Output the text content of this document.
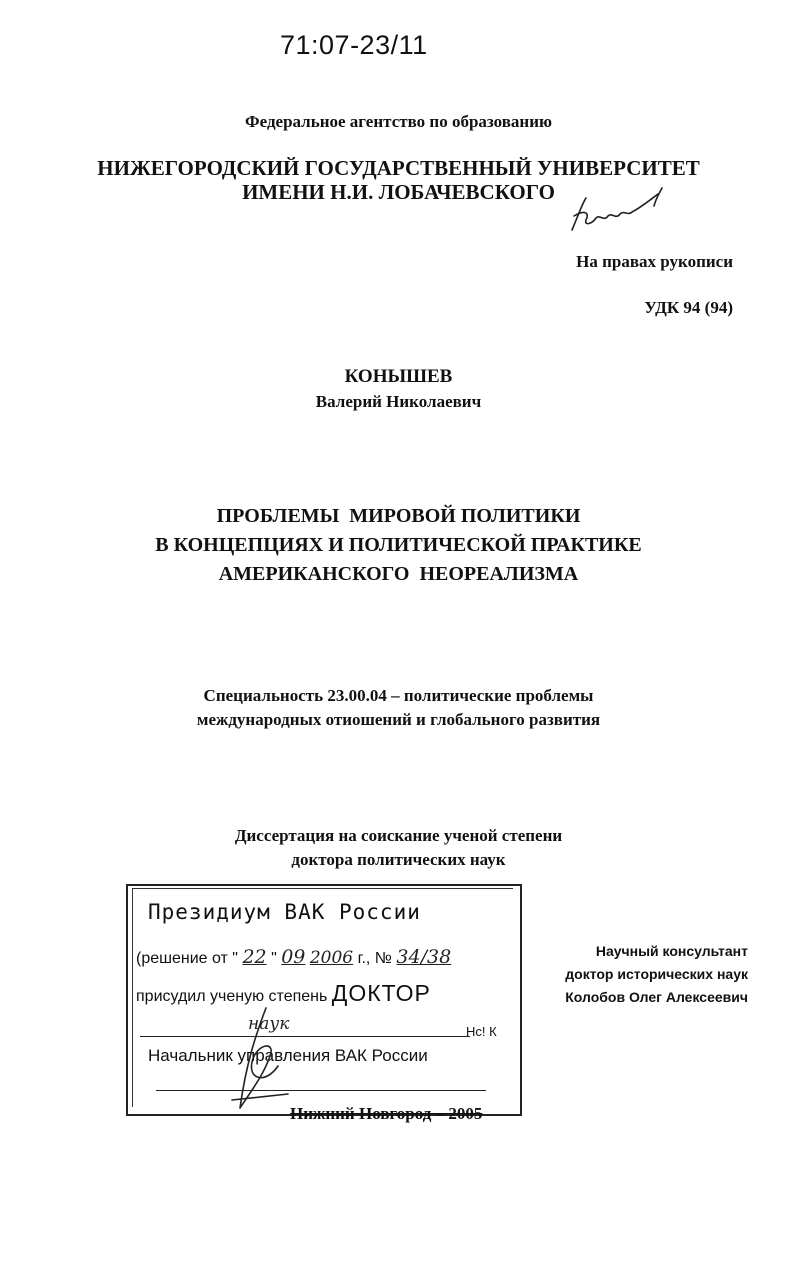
71:07-23/11
Федеральное агентство по образованию
НИЖЕГОРОДСКИЙ ГОСУДАРСТВЕННЫЙ УНИВЕРСИТЕТ
ИМЕНИ Н.И. ЛОБАЧЕВСКОГО
На правах рукописи
УДК 94 (94)
КОНЫШЕВ
Валерий Николаевич
ПРОБЛЕМЫ  МИРОВОЙ ПОЛИТИКИ
В КОНЦЕПЦИЯХ И ПОЛИТИЧЕСКОЙ ПРАКТИКЕ
АМЕРИКАНСКОГО  НЕОРЕАЛИЗМА
Специальность 23.00.04 – политические проблемы
международных отиошений и глобального развития
Диссертация на соискание ученой степени
доктора политических наук
Научный консультант
доктор исторических наук
Колобов Олег Алексеевич
Президиум ВАК России
(решение от " 22 " 09 2006 г., № 34/38
присудил ученую степень ДОКТОР
наук	Нс! К
Начальник управления ВАК России
Нижний Новгород – 2005
